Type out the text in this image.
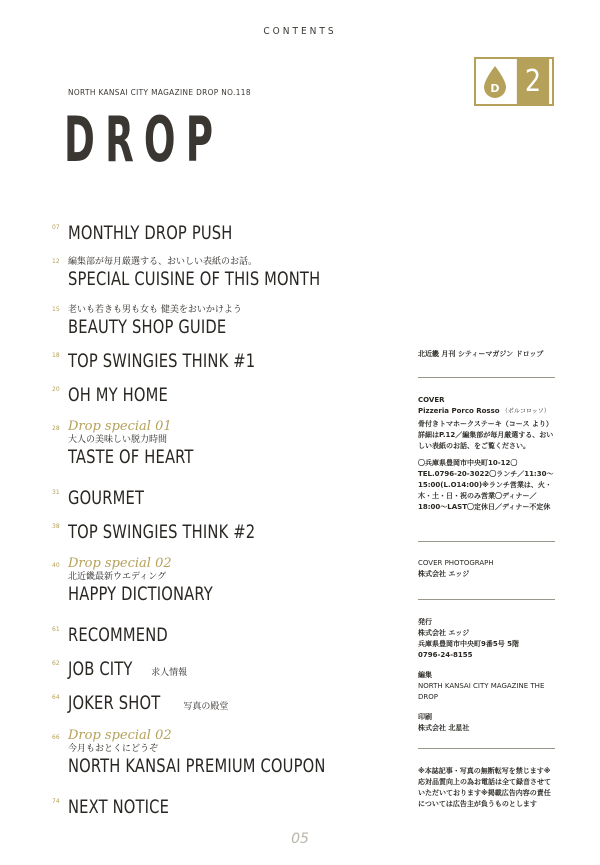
CONTENTS
NORTH KANSAI CITY MAGAZINE DROP NO.118
DROP
D 2
07 MONTHLY DROP PUSH
12 編集部が毎月厳選する、おいしい表紙のお話。
SPECIAL CUISINE OF THIS MONTH
15 老いも若きも男も女も 健美をおいかけよう
BEAUTY SHOP GUIDE
18 TOP SWINGIES THINK #1
20 OH MY HOME
28 Drop special 01
大人の美味しい脱力時間
TASTE OF HEART
31 GOURMET
38 TOP SWINGIES THINK #2
40 Drop special 02
北近畿最新ウエディング
HAPPY DICTIONARY
61 RECOMMEND
62 JOB CITY 求人情報
64 JOKER SHOT	写真の殿堂
66 Drop special 02
今月もおとくにどうぞ
NORTH KANSAI PREMIUM COUPON
74 NEXT NOTICE
北近畿 月刊 シティーマガジン ドロップ
COVER
Pizzeria Porco Rosso （ポルコロッソ）
骨付きトマホークステーキ（コース より）詳細はP.12／編集部が毎月厳選する、おいしい表紙のお話、をご覧ください。
〇兵庫県豊岡市中央町10-12〇TEL.0796-20-3022〇ランチ／11:30〜15:00(L.O14:00)※ランチ営業は、火・木・土・日・祝のみ営業〇ディナー／18:00〜LAST〇定休日／ディナー不定休
COVER PHOTOGRAPH
株式会社 エッジ
発行
株式会社 エッジ
兵庫県豊岡市中央町9番5号 5階
0796-24-8155
編集
NORTH KANSAI CITY MAGAZINE THE DROP
印刷
株式会社 北星社
※本誌記事・写真の無断転写を禁じます※応対品質向上の為お電話は全て録音させていただいております※掲載広告内容の責任については広告主が負うものとします
05
